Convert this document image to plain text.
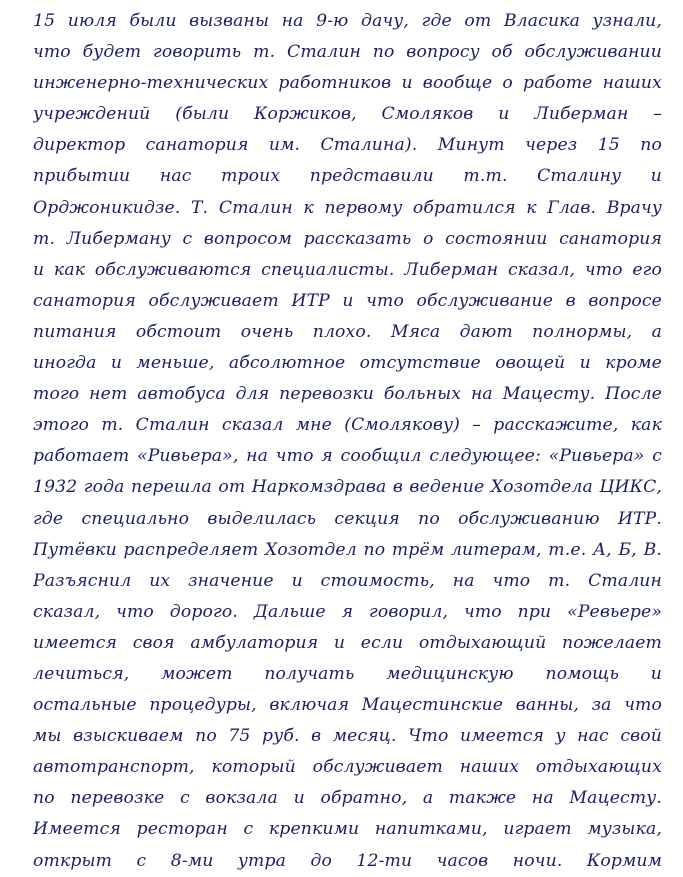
15 июля были вызваны на 9-ю дачу, где от Власика узнали,
что будет говорить т. Сталин по вопросу об обслуживании
инженерно-технических работников и вообще о работе наших
учреждений (были Коржиков, Смоляков и Либерман –
директор санатория им. Сталина). Минут через 15 по
прибытии нас троих представили т.т. Сталину и
Орджоникидзе. Т. Сталин к первому обратился к Глав. Врачу
т. Либерману с вопросом рассказать о состоянии санатория
и как обслуживаются специалисты. Либерман сказал, что его
санатория обслуживает ИТР и что обслуживание в вопросе
питания обстоит очень плохо. Мяса дают полнормы, а
иногда и меньше, абсолютное отсутствие овощей и кроме
того нет автобуса для перевозки больных на Мацесту. После
этого т. Сталин сказал мне (Смолякову) – расскажите, как
работает «Ривьера», на что я сообщил следующее: «Ривьера» с
1932 года перешла от Наркомздрава в ведение Хозотдела ЦИКС,
где специально выделилась секция по обслуживанию ИТР.
Путёвки распределяет Хозотдел по трём литерам, т.е. А, Б, В.
Разъяснил их значение и стоимость, на что т. Сталин
сказал, что дорого. Дальше я говорил, что при «Ревьере»
имеется своя амбулатория и если отдыхающий пожелает
лечиться, может получать медицинскую помощь и
остальные процедуры, включая Мацестинские ванны, за что
мы взыскиваем по 75 руб. в месяц. Что имеется у нас свой
автотранспорт, который обслуживает наших отдыхающих
по перевозке с вокзала и обратно, а также на Мацесту.
Имеется ресторан с крепкими напитками, играет музыка,
открыт с 8-ми утра до 12-ти часов ночи. Кормим
